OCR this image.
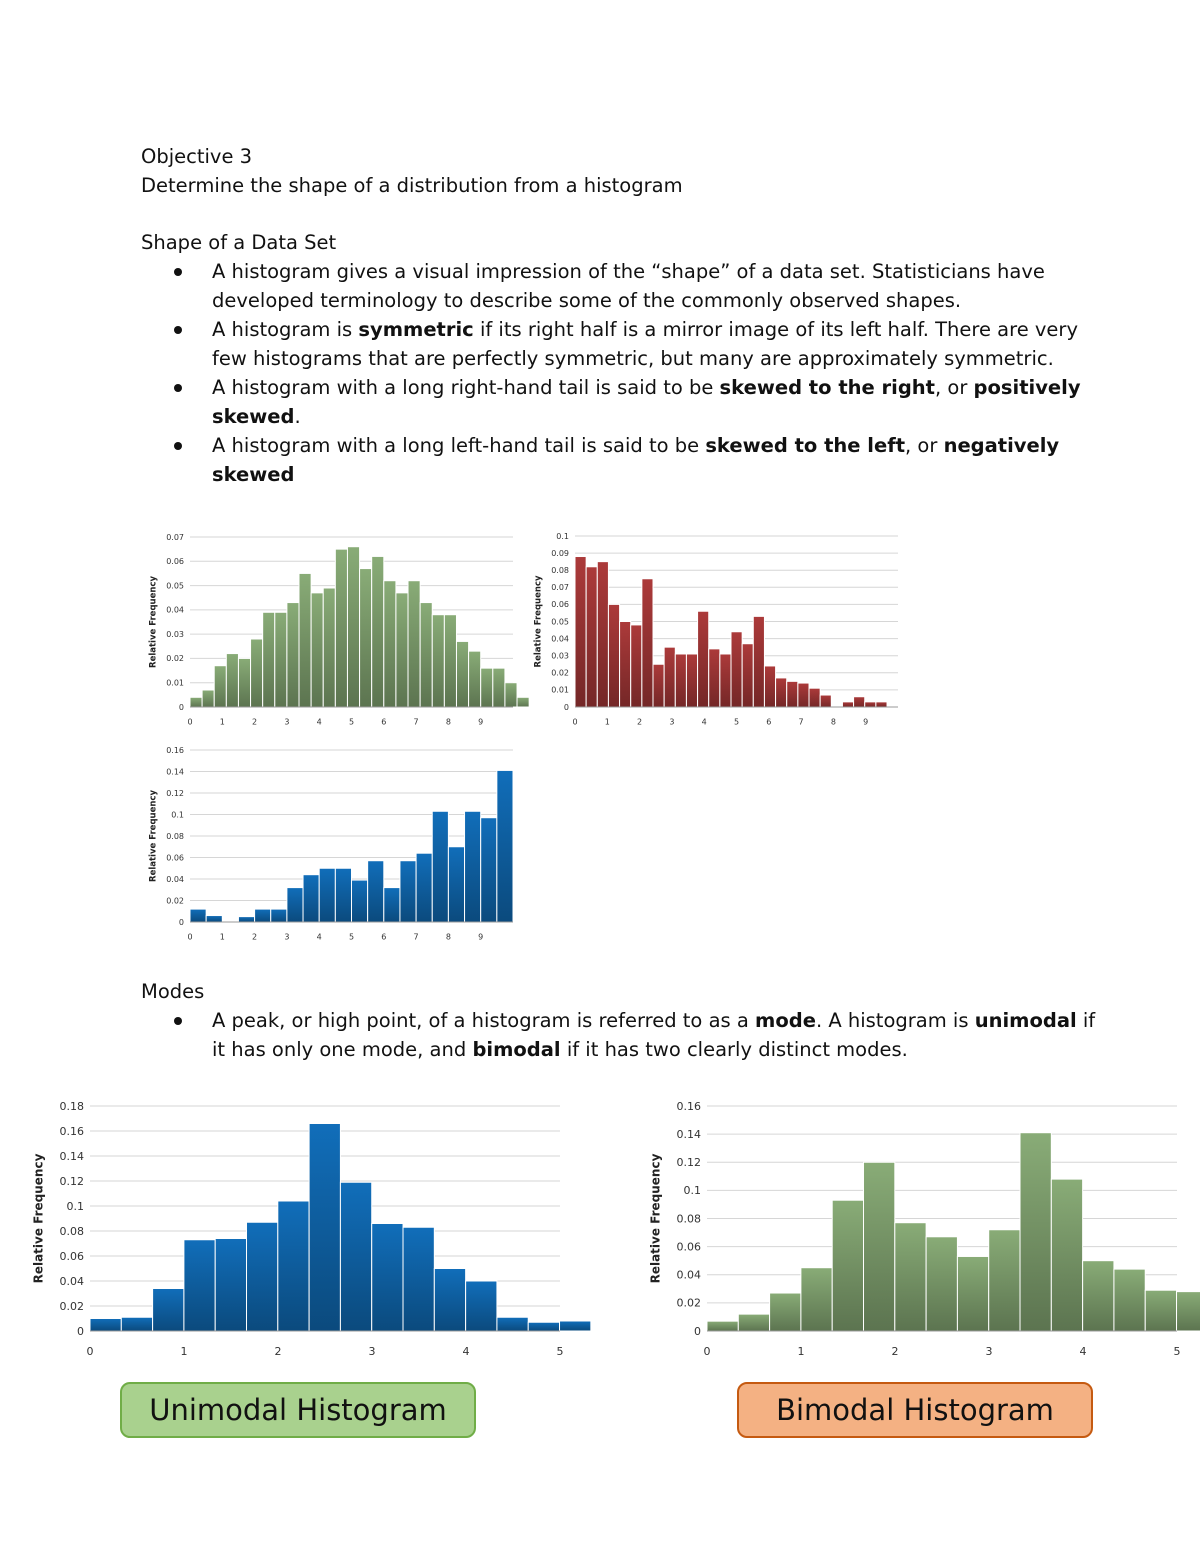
Objective 3
Determine the shape of a distribution from a histogram
Shape of a Data Set
A histogram gives a visual impression of the “shape” of a data set. Statisticians have
developed terminology to describe some of the commonly observed shapes.
A histogram is symmetric if its right half is a mirror image of its left half. There are very
few histograms that are perfectly symmetric, but many are approximately symmetric.
A histogram with a long right-hand tail is said to be skewed to the right, or positively
skewed.
A histogram with a long left-hand tail is said to be skewed to the left, or negatively
skewed
0
0.01
0.02
0.03
0.04
0.05
0.06
0.07
0	1	2	3	4	5	6	7	8	9
Relative Frequency
0
0.01
0.02
0.03
0.04
0.05
0.06
0.07
0.08
0.09
0.1
0	1	2	3	4	5	6	7	8	9
Relative Frequency
0
0.02
0.04
0.06
0.08
0.1
0.12
0.14
0.16
0	1	2	3	4	5	6	7	8	9
Relative Frequency
Modes
A peak, or high point, of a histogram is referred to as a mode. A histogram is unimodal if
it has only one mode, and bimodal if it has two clearly distinct modes.
0
0.02
0.04
0.06
0.08
0.1
0.12
0.14
0.16
0.18
0	1	2	3	4	5
Relative Frequency
0
0.02
0.04
0.06
0.08
0.1
0.12
0.14
0.16
0	1	2	3	4	5
Relative Frequency
Unimodal Histogram	Bimodal Histogram
